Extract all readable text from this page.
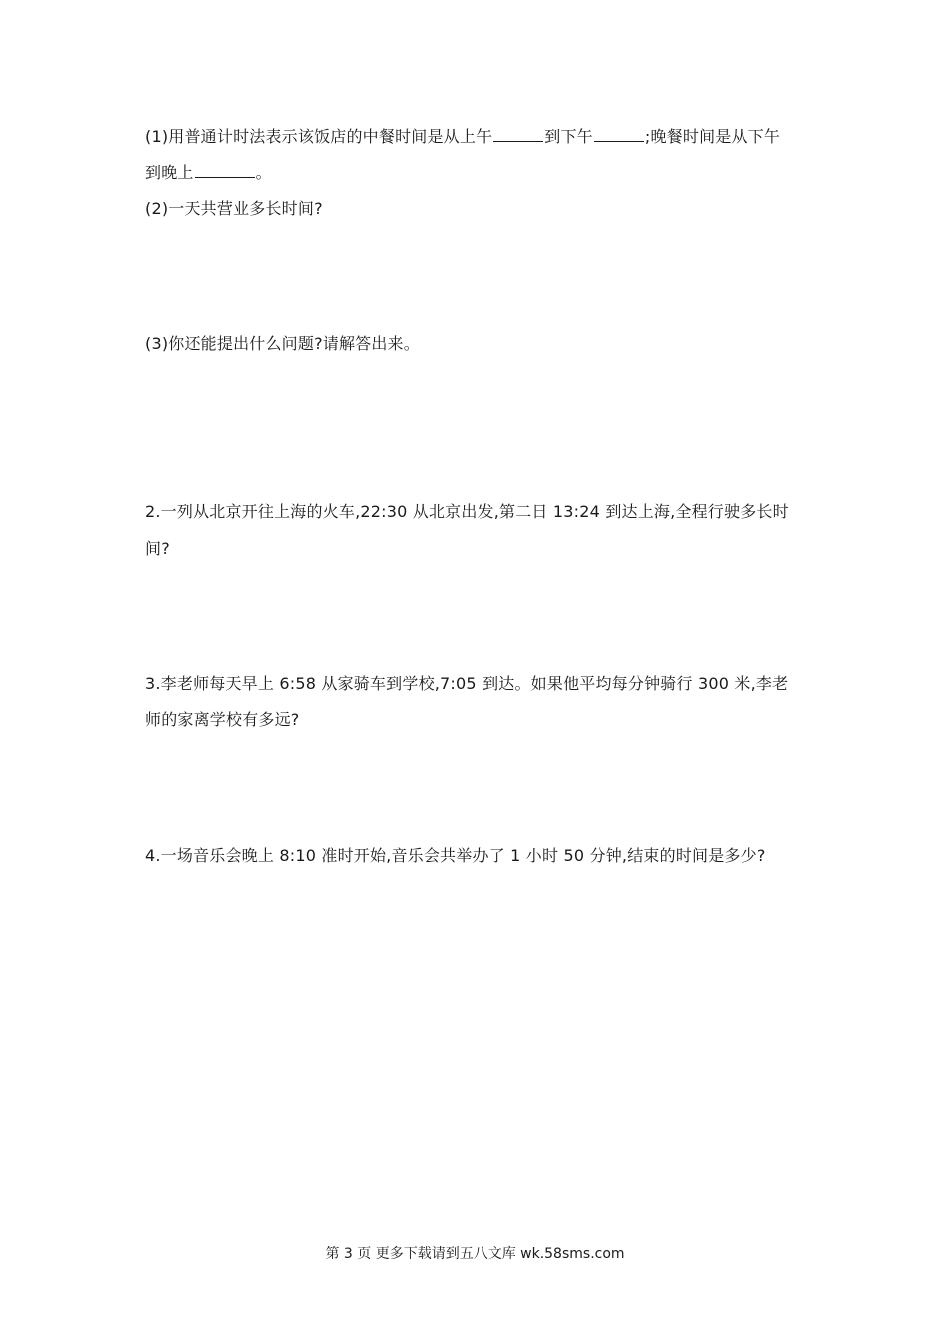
(1)用普通计时法表示该饭店的中餐时间是从上午	到下午	;晚餐时间是从下午
到晚上	。
(2)一天共营业多长时间?
(3)你还能提出什么问题?请解答出来。
2.一列从北京开往上海的火车,22:30 从北京出发,第二日 13:24 到达上海,全程行驶多长时
间?
3.李老师每天早上 6:58 从家骑车到学校,7:05 到达。如果他平均每分钟骑行 300 米,李老
师的家离学校有多远?
4.一场音乐会晚上 8:10 准时开始,音乐会共举办了 1 小时 50 分钟,结束的时间是多少?
第 3 页 更多下载请到五八文库 wk.58sms.com
